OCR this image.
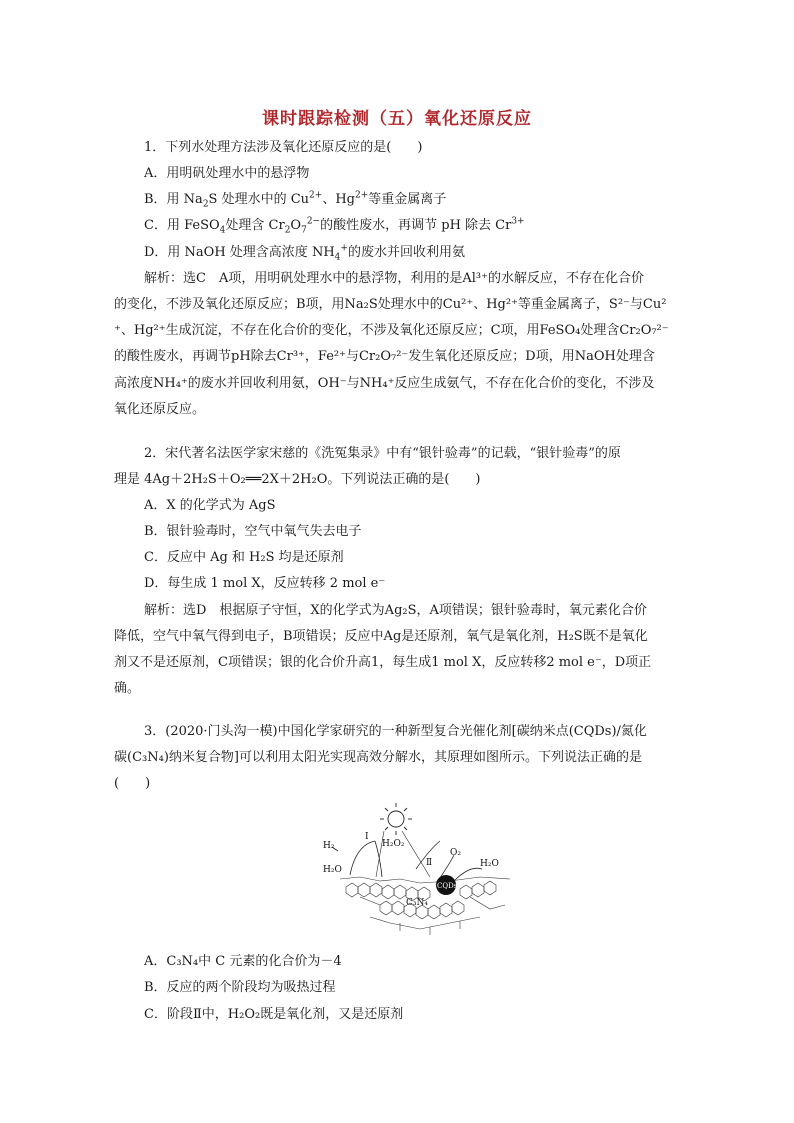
课时跟踪检测（五）氧化还原反应
1．下列水处理方法涉及氧化还原反应的是(　　)
A．用明矾处理水中的悬浮物
B．用 $Na_2S$ 处理水中的 $Cu^{2+}$、$Hg^{2+}$等重金属离子
C．用 FeSO$_4$处理含 $Cr_2O_7^{2-}$的酸性废水，再调节 pH 除去 $Cr^{3+}$
D．用 NaOH 处理含高浓度 $NH_4^+$的废水并回收利用氨
解析：选C　A项，用明矾处理水中的悬浮物，利用的是Al³⁺的水解反应，不存在化合价
的变化，不涉及氧化还原反应；B项，用Na₂S处理水中的Cu²⁺、Hg²⁺等重金属离子，S²⁻与Cu²
⁺、Hg²⁺生成沉淀，不存在化合价的变化，不涉及氧化还原反应；C项，用FeSO₄处理含Cr₂O₇²⁻
的酸性废水，再调节pH除去Cr³⁺，Fe²⁺与Cr₂O₇²⁻发生氧化还原反应；D项，用NaOH处理含
高浓度NH₄⁺的废水并回收利用氨，OH⁻与NH₄⁺反应生成氨气，不存在化合价的变化，不涉及
氧化还原反应。
2．宋代著名法医学家宋慈的《洗冤集录》中有“银针验毒”的记载，“银针验毒”的原
理是 4Ag＋2H₂S＋O₂══2X＋2H₂O。下列说法正确的是(　　)
A．X 的化学式为 AgS
B．银针验毒时，空气中氧气失去电子
C．反应中 Ag 和 H₂S 均是还原剂
D．每生成 1 mol X，反应转移 2 mol e⁻
解析：选D　根据原子守恒，X的化学式为Ag₂S，A项错误；银针验毒时，氧元素化合价
降低，空气中氧气得到电子，B项错误；反应中Ag是还原剂，氧气是氧化剂，H₂S既不是氧化
剂又不是还原剂，C项错误；银的化合价升高1，每生成1 mol X，反应转移2 mol e⁻，D项正
确。
3．(2020·门头沟一模)中国化学家研究的一种新型复合光催化剂[碳纳米点(CQDs)/氮化
碳(C₃N₄)纳米复合物]可以利用太阳光实现高效分解水，其原理如图所示。下列说法正确的是
(　　)
H₂
I
H₂O₂
Ⅱ
O₂
H₂O
H₂O
CQDs
C₃N₄
A．C₃N₄中 C 元素的化合价为－4
B．反应的两个阶段均为吸热过程
C．阶段Ⅱ中，H₂O₂既是氧化剂，又是还原剂
